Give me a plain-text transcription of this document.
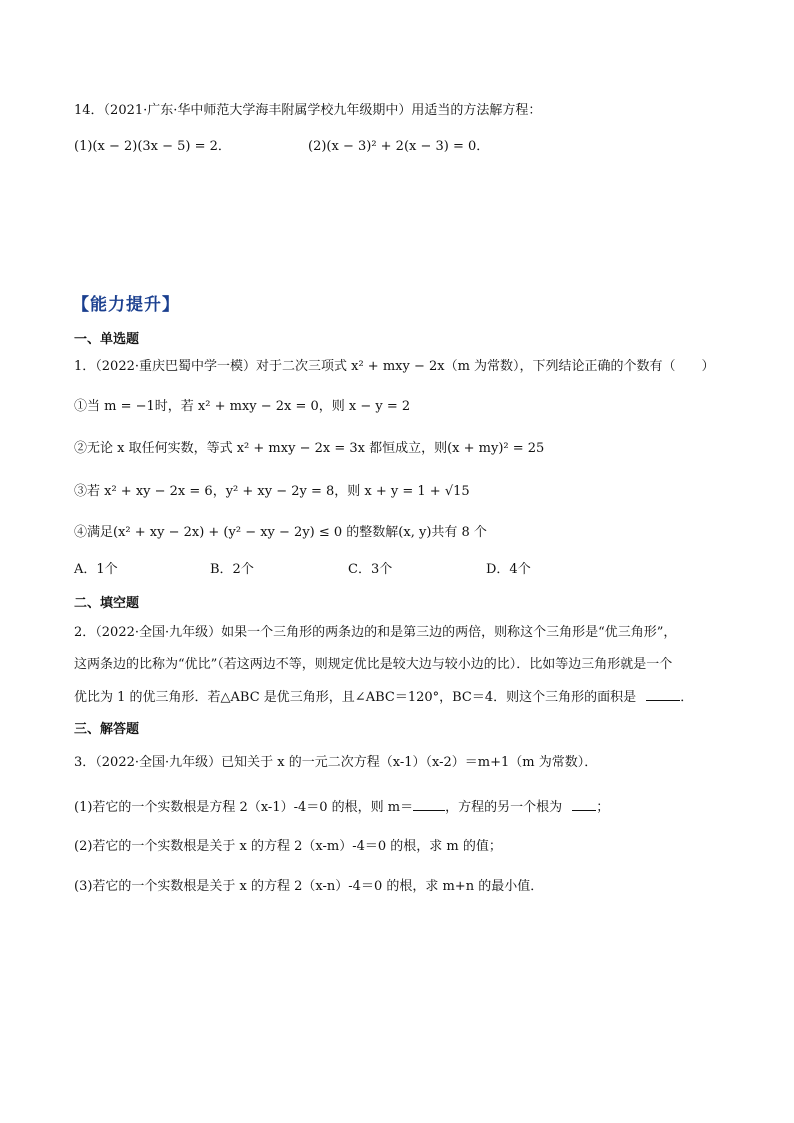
14．（2021·广东·华中师范大学海丰附属学校九年级期中）用适当的方法解方程：
(1)(x − 2)(3x − 5) = 2．	(2)(x − 3)² + 2(x − 3) = 0．
【能力提升】
一、单选题
1．（2022·重庆巴蜀中学一模）对于二次三项式 x² + mxy − 2x（m 为常数），下列结论正确的个数有（　　）
①当 m = −1时，若 x² + mxy − 2x = 0，则 x − y = 2
②无论 x 取任何实数，等式 x² + mxy − 2x = 3x 都恒成立，则(x + my)² = 25
③若 x² + xy − 2x = 6，y² + xy − 2y = 8，则 x + y = 1 + √15
④满足(x² + xy − 2x) + (y² − xy − 2y) ≤ 0 的整数解(x, y)共有 8 个
A．1个	B．2个	C．3个	D．4个
二、填空题
2．（2022·全国·九年级）如果一个三角形的两条边的和是第三边的两倍，则称这个三角形是“优三角形”，
这两条边的比称为“优比”（若这两边不等，则规定优比是较大边与较小边的比）．比如等边三角形就是一个
优比为 1 的优三角形．若△ABC 是优三角形，且∠ABC＝120°，BC＝4．则这个三角形的面积是	．
三、解答题
3．（2022·全国·九年级）已知关于 x 的一元二次方程（x-1）（x-2）＝m+1（m 为常数）．
(1)若它的一个实数根是方程 2（x-1）-4＝0 的根，则 m＝ ，方程的另一个根为	；
(2)若它的一个实数根是关于 x 的方程 2（x-m）-4＝0 的根，求 m 的值；
(3)若它的一个实数根是关于 x 的方程 2（x-n）-4＝0 的根，求 m+n 的最小值．
